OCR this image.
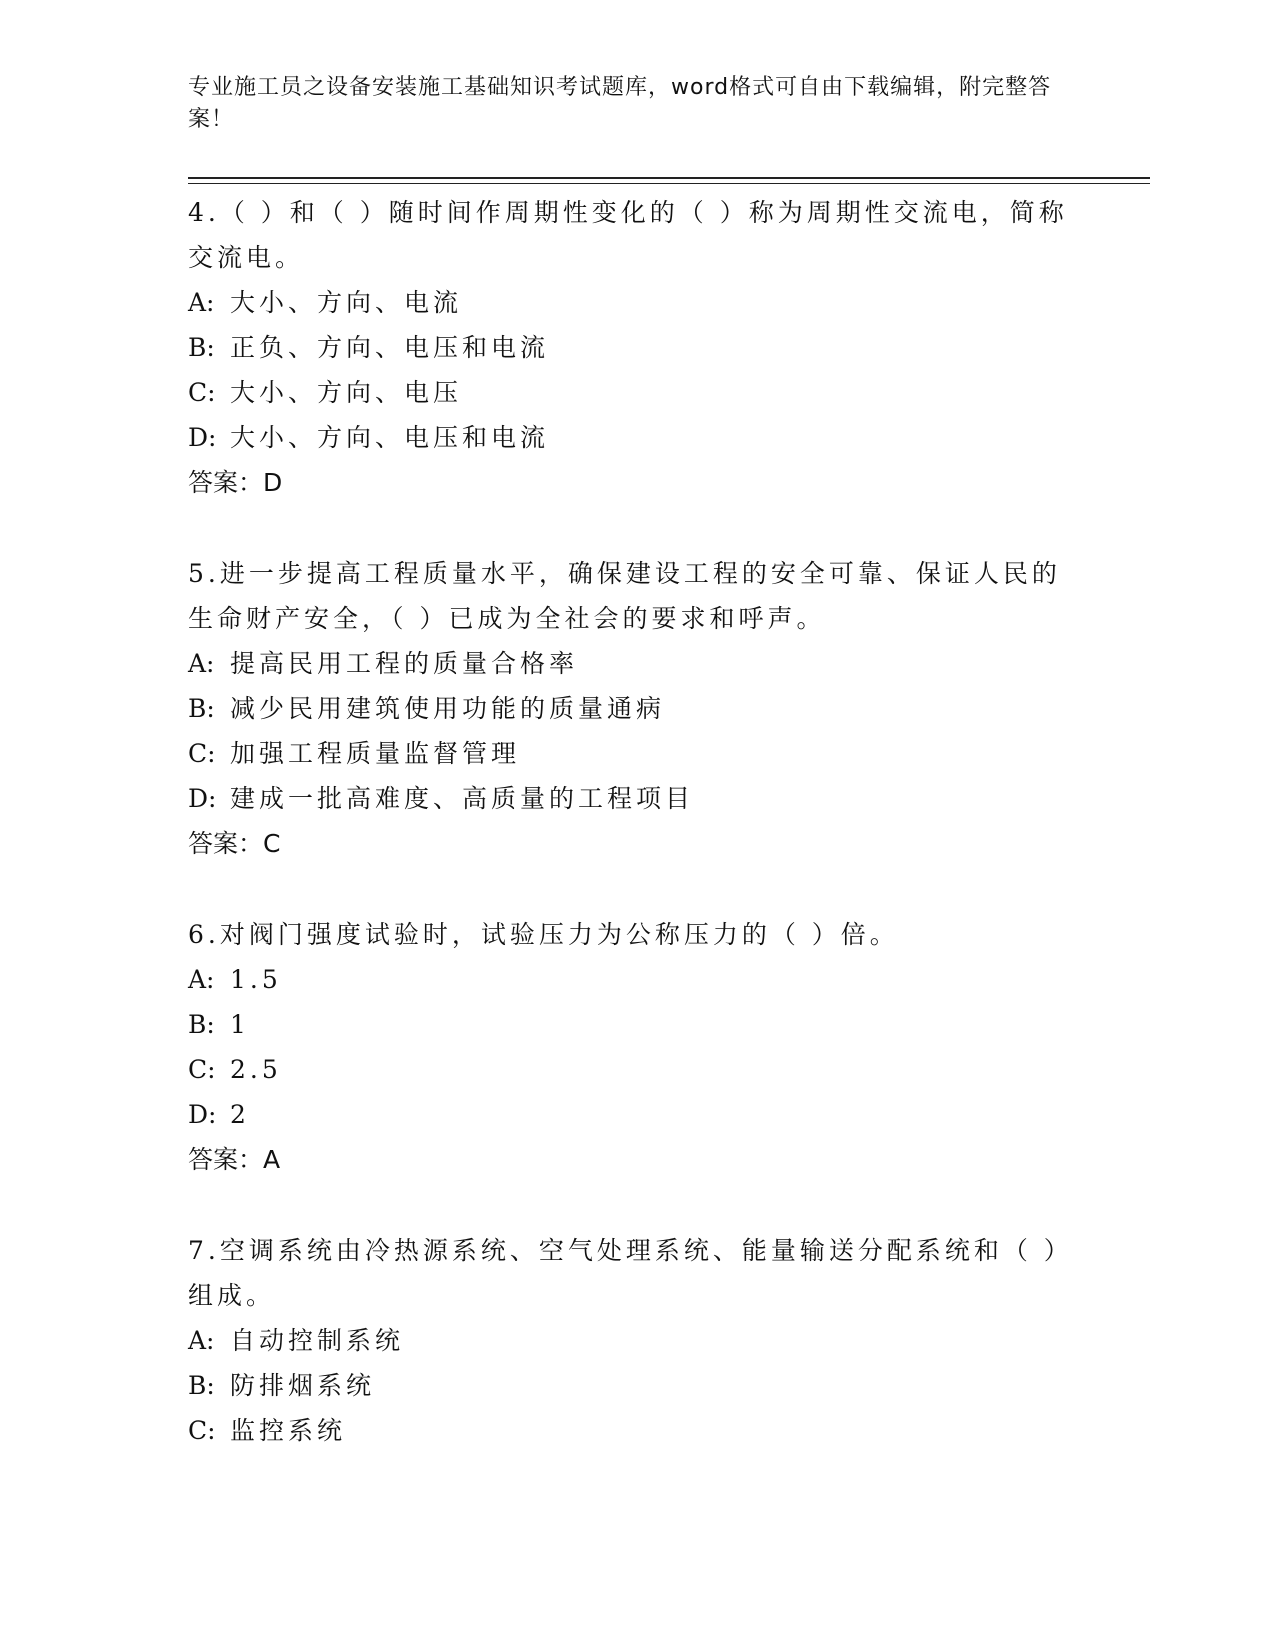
专业施工员之设备安装施工基础知识考试题库，word格式可自由下载编辑，附完整答案！

4.（ ）和（ ）随时间作周期性变化的（ ）称为周期性交流电，简称交流电。

A: 大小、方向、电流

B: 正负、方向、电压和电流

C: 大小、方向、电压

D: 大小、方向、电压和电流

答案：D

5.进一步提高工程质量水平，确保建设工程的安全可靠、保证人民的生命财产安全，（ ）已成为全社会的要求和呼声。

A: 提高民用工程的质量合格率

B: 减少民用建筑使用功能的质量通病

C: 加强工程质量监督管理

D: 建成一批高难度、高质量的工程项目

答案：C

6.对阀门强度试验时，试验压力为公称压力的（ ）倍。

A: 1.5

B: 1

C: 2.5

D: 2

答案：A

7.空调系统由冷热源系统、空气处理系统、能量输送分配系统和（ ）组成。

A: 自动控制系统

B: 防排烟系统

C: 监控系统
